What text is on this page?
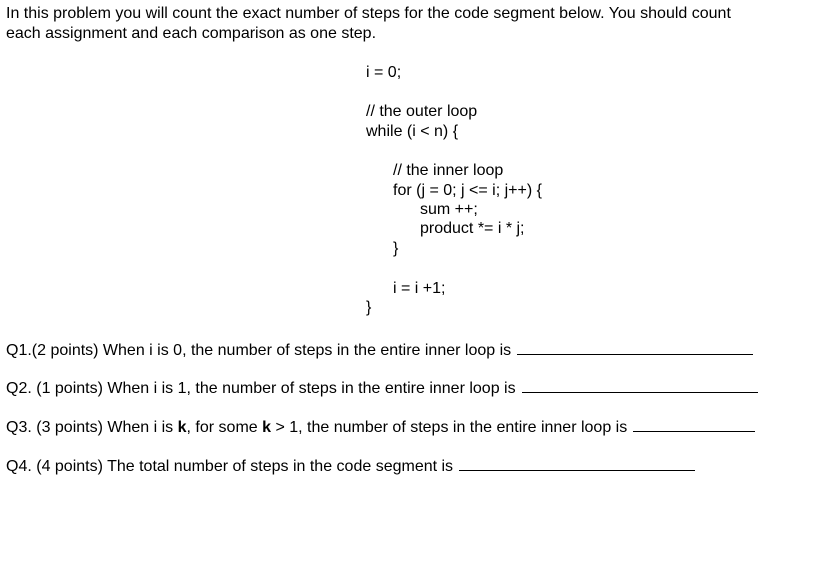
In this problem you will count the exact number of steps for the code segment below. You should count
each assignment and each comparison as one step.
i = 0;
// the outer loop
while (i < n) {
// the inner loop
for (j = 0; j <= i; j++) {
sum ++;
product *= i * j;
}
i = i +1;
}
Q1.(2 points) When i is 0, the number of steps in the entire inner loop is
Q2. (1 points) When i is 1, the number of steps in the entire inner loop is
Q3. (3 points) When i is k, for some k > 1, the number of steps in the entire inner loop is
Q4. (4 points) The total number of steps in the code segment is
